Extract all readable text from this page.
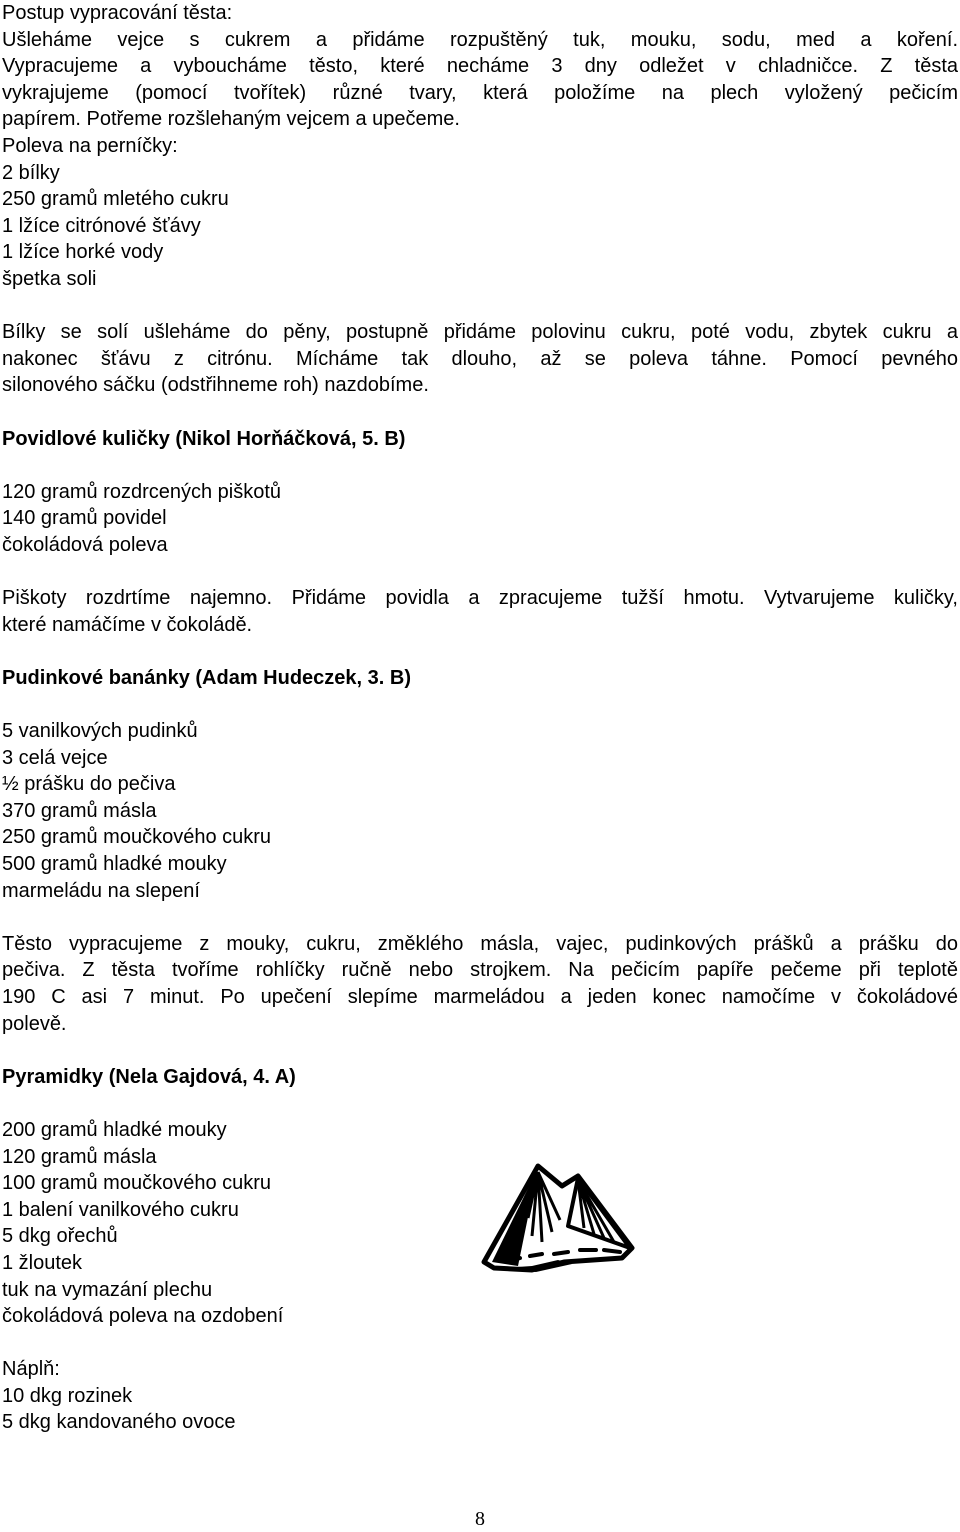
Postup vypracování těsta:
Ušleháme vejce s cukrem a přidáme rozpuštěný tuk, mouku, sodu, med a koření.
Vypracujeme a vyboucháme těsto, které necháme 3 dny odležet v chladničce. Z těsta
vykrajujeme (pomocí tvořítek) různé tvary, která položíme na plech vyložený pečicím
papírem. Potřeme rozšlehaným vejcem a upečeme.
Poleva na perníčky:
2 bílky
250 gramů mletého cukru
1 lžíce citrónové šťávy
1 lžíce horké vody
špetka soli
Bílky se solí ušleháme do pěny, postupně přidáme polovinu cukru, poté vodu, zbytek cukru a
nakonec šťávu z citrónu. Mícháme tak dlouho, až se poleva táhne. Pomocí pevného
silonového sáčku (odstřihneme roh) nazdobíme.
Povidlové kuličky (Nikol Horňáčková, 5. B)
120 gramů rozdrcených piškotů
140 gramů povidel
čokoládová poleva
Piškoty rozdrtíme najemno. Přidáme povidla a zpracujeme tužší hmotu. Vytvarujeme kuličky,
které namáčíme v čokoládě.
Pudinkové banánky (Adam Hudeczek, 3. B)
5 vanilkových pudinků
3 celá vejce
½ prášku do pečiva
370 gramů másla
250 gramů moučkového cukru
500 gramů hladké mouky
marmeládu na slepení
Těsto vypracujeme z mouky, cukru, změklého másla, vajec, pudinkových prášků a prášku do
pečiva. Z těsta tvoříme rohlíčky ručně nebo strojkem. Na pečicím papíře pečeme při teplotě
190 C asi 7 minut. Po upečení slepíme marmeládou a jeden konec namočíme v čokoládové
polevě.
Pyramidky (Nela Gajdová, 4. A)
200 gramů hladké mouky
120 gramů másla
100 gramů moučkového cukru
1 balení vanilkového cukru
5 dkg ořechů
1 žloutek
tuk na vymazání plechu
čokoládová poleva na ozdobení
Náplň:
10 dkg rozinek
5 dkg kandovaného ovoce
8
